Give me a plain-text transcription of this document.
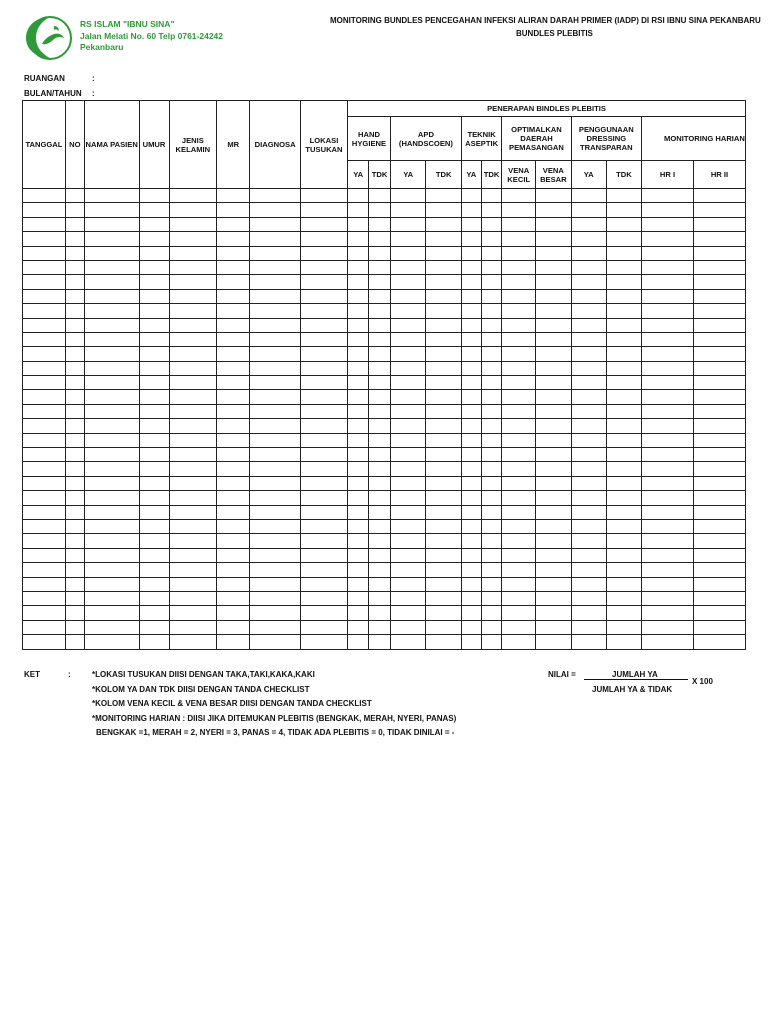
RS ISLAM "IBNU SINA"
Jalan Melati No. 60 Telp 0761-24242
Pekanbaru
MONITORING BUNDLES PENCEGAHAN INFEKSI ALIRAN DARAH PRIMER (IADP) DI RSI IBNU SINA PEKANBARU
BUNDLES PLEBITIS
RUANGAN	:
BULAN/TAHUN :
TANGGAL	NO	NAMA PASIEN	UMUR	JENIS KELAMIN	MR	DIAGNOSA	LOKASI TUSUKAN	PENERAPAN BINDLES PLEBITIS											
								HAND HYGIENE		APD (HANDSCOEN)		TEKNIK ASEPTIK		OPTIMALKAN DAERAH PEMASANGAN		PENGGUNAAN DRESSING TRANSPARAN		MONITORING HARIAN	
								YA	TDK	YA	TDK	YA	TDK	VENA KECIL	VENA BESAR	YA	TDK	HR I	HR II

KET	:	*LOKASI TUSUKAN DIISI DENGAN TAKA,TAKI,KAKA,KAKI
*KOLOM YA DAN TDK DIISI DENGAN TANDA CHECKLIST
*KOLOM VENA KECIL & VENA BESAR DIISI DENGAN TANDA CHECKLIST
*MONITORING HARIAN : DIISI JIKA DITEMUKAN PLEBITIS (BENGKAK, MERAH, NYERI, PANAS)
BENGKAK =1, MERAH = 2, NYERI = 3, PANAS = 4, TIDAK ADA PLEBITIS = 0, TIDAK DINILAI = -
NILAI =	JUMLAH YA
JUMLAH YA & TIDAK
X 100
